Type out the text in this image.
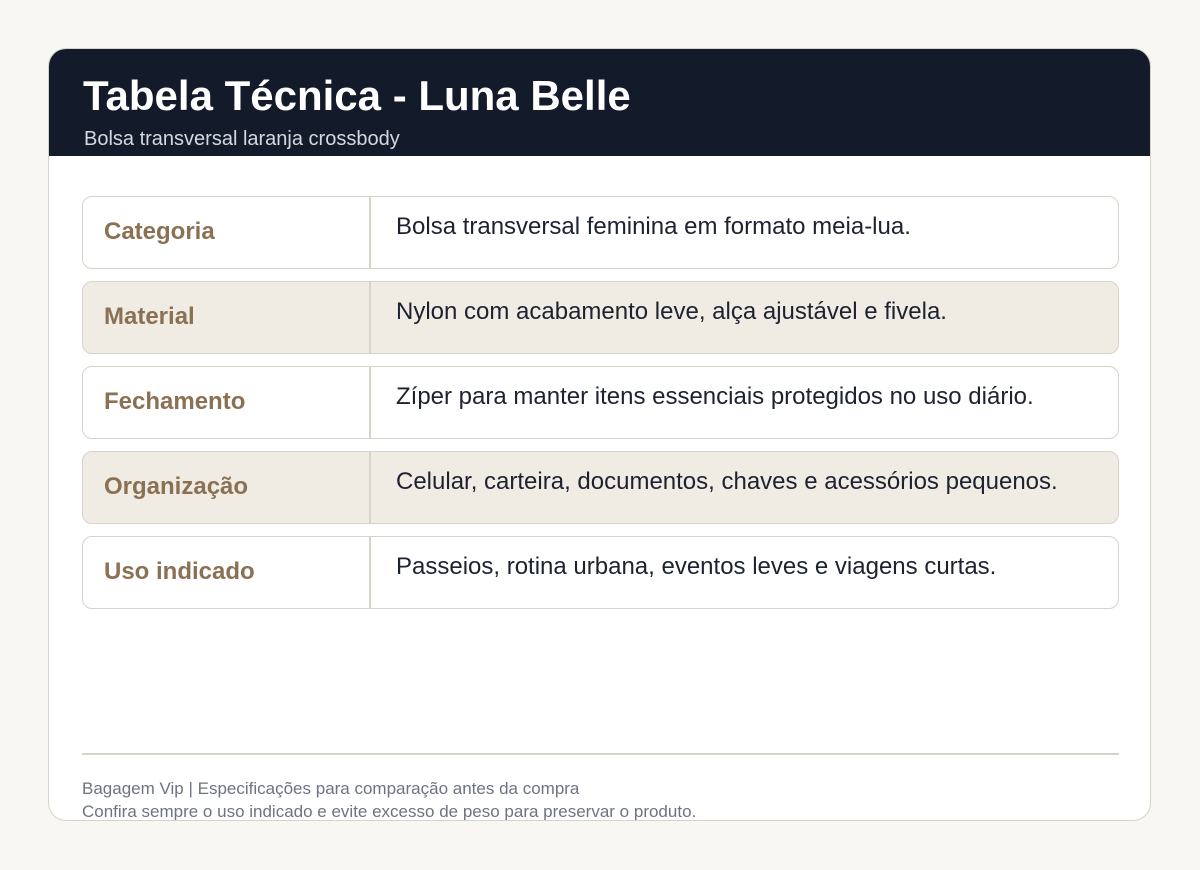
Tabela Técnica - Luna Belle

Bolsa transversal laranja crossbody

Categoria	Bolsa transversal feminina em formato meia-lua.
Material	Nylon com acabamento leve, alça ajustável e fivela.
Fechamento	Zíper para manter itens essenciais protegidos no uso diário.
Organização	Celular, carteira, documentos, chaves e acessórios pequenos.
Uso indicado	Passeios, rotina urbana, eventos leves e viagens curtas.
Bagagem Vip | Especificações para comparação antes da compra
Confira sempre o uso indicado e evite excesso de peso para preservar o produto.
